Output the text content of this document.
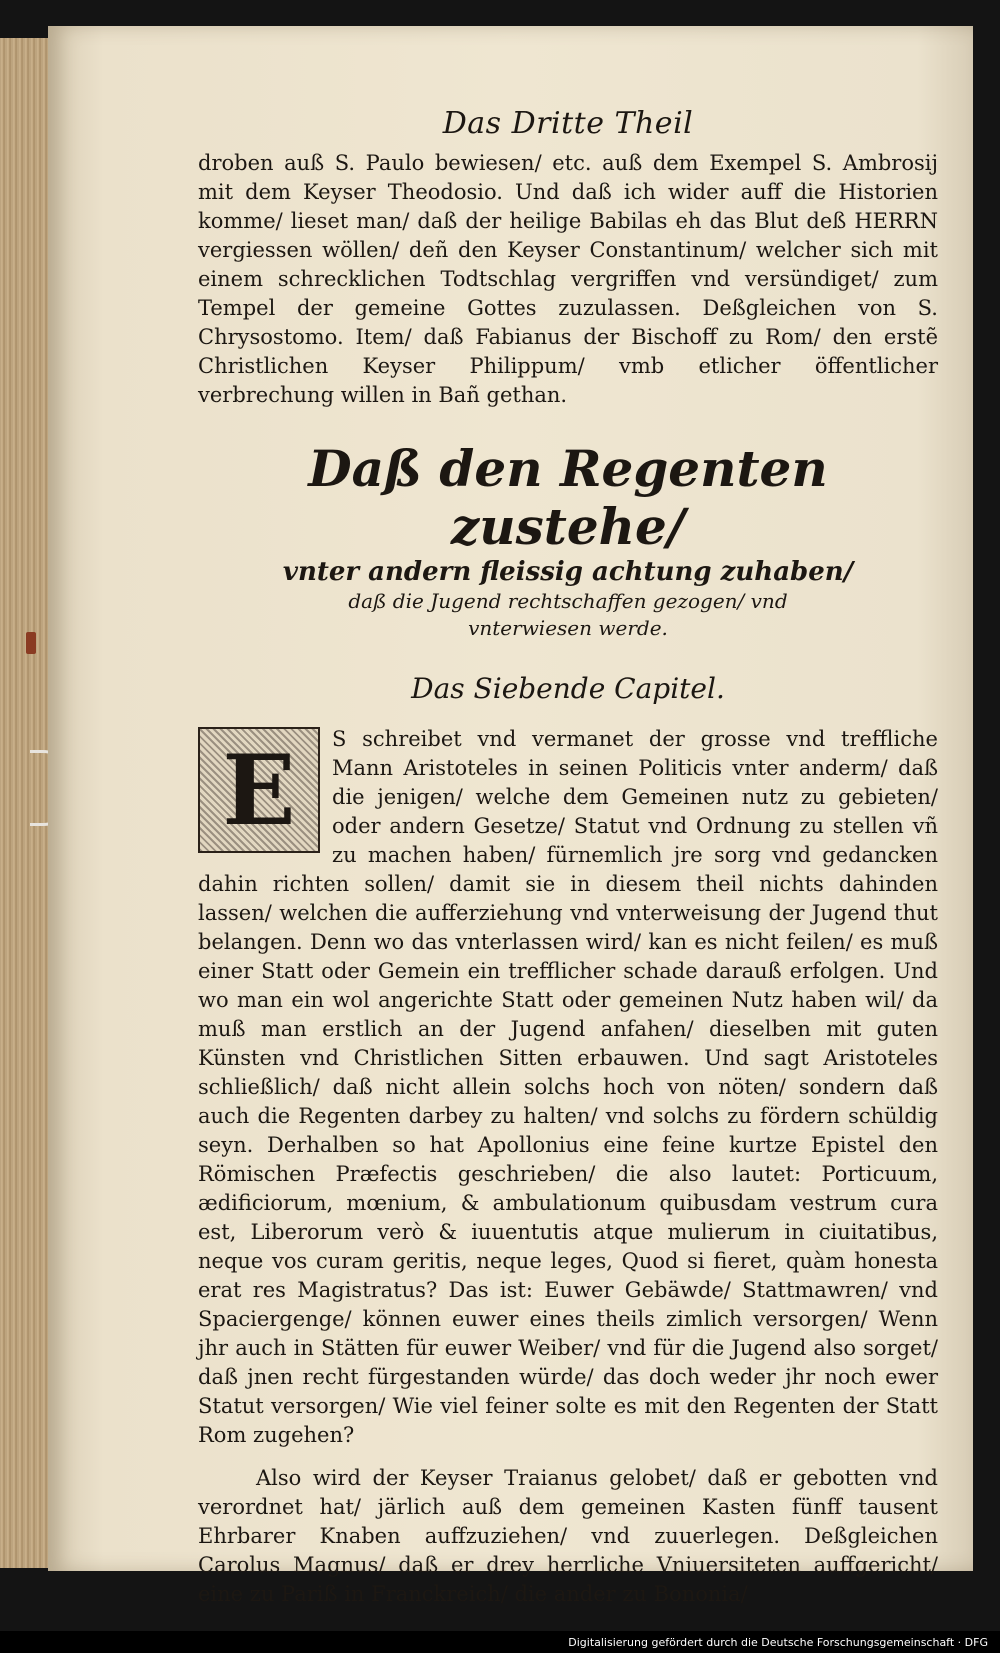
Das Dritte Theil

droben auß S. Paulo bewiesen/ etc. auß dem Exempel S. Ambrosij mit dem Keyser Theodosio. Und daß ich wider auff die Historien komme/ lieset man/ daß der heilige Babilas eh das Blut deß HERRN vergiessen wöllen/ deñ den Keyser Constantinum/ welcher sich mit einem schrecklichen Todtschlag vergriffen vnd versündiget/ zum Tempel der gemeine Gottes zuzulassen. Deßgleichen von S. Chrysostomo. Item/ daß Fabianus der Bischoff zu Rom/ den erstẽ Christlichen Keyser Philippum/ vmb etlicher öffentlicher verbrechung willen in Bañ gethan.

Daß den Regenten zustehe/
vnter andern fleissig achtung zuhaben/
daß die Jugend rechtschaffen gezogen/ vnd
vnterwiesen werde.
Das Siebende Capitel.
E	S schreibet vnd vermanet der grosse vnd treffliche Mann Aristoteles in seinen Politicis vnter anderm/ daß die jenigen/ welche dem Gemeinen nutz zu gebieten/ oder andern Gesetze/ Statut vnd Ordnung zu stellen vñ zu machen haben/ fürnemlich jre sorg vnd gedancken dahin richten sollen/ damit sie in diesem theil nichts dahinden lassen/ welchen die aufferziehung vnd vnterweisung der Jugend thut belangen. Denn wo das vnterlassen wird/ kan es nicht feilen/ es muß einer Statt oder Gemein ein trefflicher schade darauß erfolgen. Und wo man ein wol angerichte Statt oder gemeinen Nutz haben wil/ da muß man erstlich an der Jugend anfahen/ dieselben mit guten Künsten vnd Christlichen Sitten erbauwen. Und sagt Aristoteles schließlich/ daß nicht allein solchs hoch von nöten/ sondern daß auch die Regenten darbey zu halten/ vnd solchs zu fördern schüldig seyn. Derhalben so hat Apollonius eine feine kurtze Epistel den Römischen Præfectis geschrieben/ die also lautet: Porticuum, ædificiorum, mœnium, & ambulationum quibusdam vestrum cura est, Liberorum verò & iuuentutis atque mulierum in ciuitatibus, neque vos curam geritis, neque leges, Quod si fieret, quàm honesta erat res Magistratus? Das ist: Euwer Gebäwde/ Stattmawren/ vnd Spaciergenge/ können euwer eines theils zimlich versorgen/ Wenn jhr auch in Stätten für euwer Weiber/ vnd für die Jugend also sorget/ daß jnen recht fürgestanden würde/ das doch weder jhr noch ewer Statut versorgen/ Wie viel feiner solte es mit den Regenten der Statt Rom zugehen?

Also wird der Keyser Traianus gelobet/ daß er gebotten vnd verordnet hat/ järlich auß dem gemeinen Kasten fünff tausent Ehrbarer Knaben auffzuziehen/ vnd zuuerlegen. Deßgleichen Carolus Magnus/ daß er drey herrliche Vniuersiteten auffgericht/ eine zu Pariß in Franckreich/ die ander zu Bononia/

Digitalisierung gefördert durch die Deutsche Forschungsgemeinschaft · DFG
